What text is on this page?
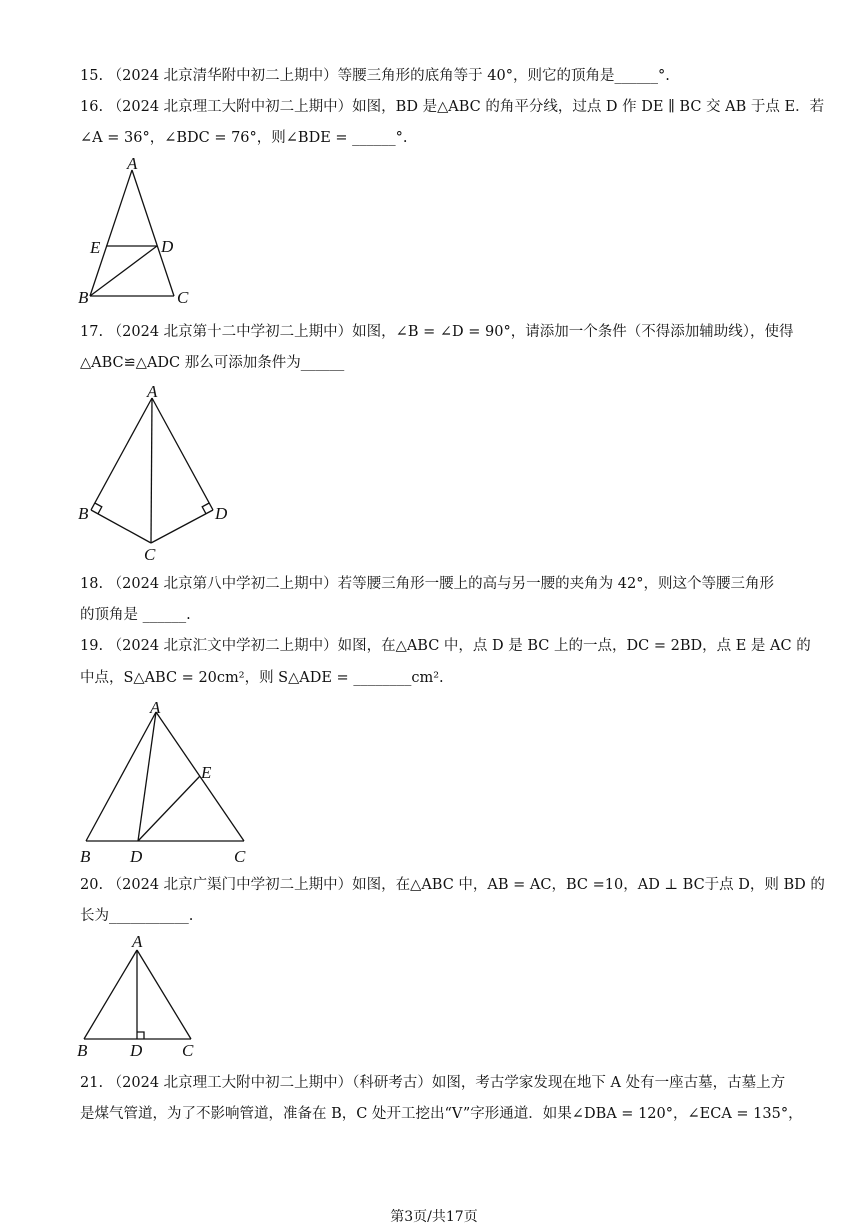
15. （2024 北京清华附中初二上期中）等腰三角形的底角等于 40°，则它的顶角是______°.
16. （2024 北京理工大附中初二上期中）如图，BD 是△ABC 的角平分线，过点 D 作 DE ∥ BC 交 AB 于点 E．若
∠A = 36°，∠BDC = 76°，则∠BDE = ______°.
A
E	D
B	C
17. （2024 北京第十二中学初二上期中）如图，∠B = ∠D = 90°，请添加一个条件（不得添加辅助线），使得
△ABC≌△ADC 那么可添加条件为______
A
B	D
C
18. （2024 北京第八中学初二上期中）若等腰三角形一腰上的高与另一腰的夹角为 42°，则这个等腰三角形
的顶角是 ______.
19. （2024 北京汇文中学初二上期中）如图，在△ABC 中，点 D 是 BC 上的一点，DC = 2BD，点 E 是 AC 的
中点，S△ABC = 20cm²，则 S△ADE = ________cm².
A
E
B D	C
20. （2024 北京广渠门中学初二上期中）如图，在△ABC 中，AB = AC，BC =10，AD ⊥ BC于点 D，则 BD 的
长为___________.
A
B	D C
21. （2024 北京理工大附中初二上期中）（科研考古）如图，考古学家发现在地下 A 处有一座古墓，古墓上方
是煤气管道，为了不影响管道，准备在 B，C 处开工挖出“V”字形通道．如果∠DBA = 120°，∠ECA = 135°，
第3页/共17页
